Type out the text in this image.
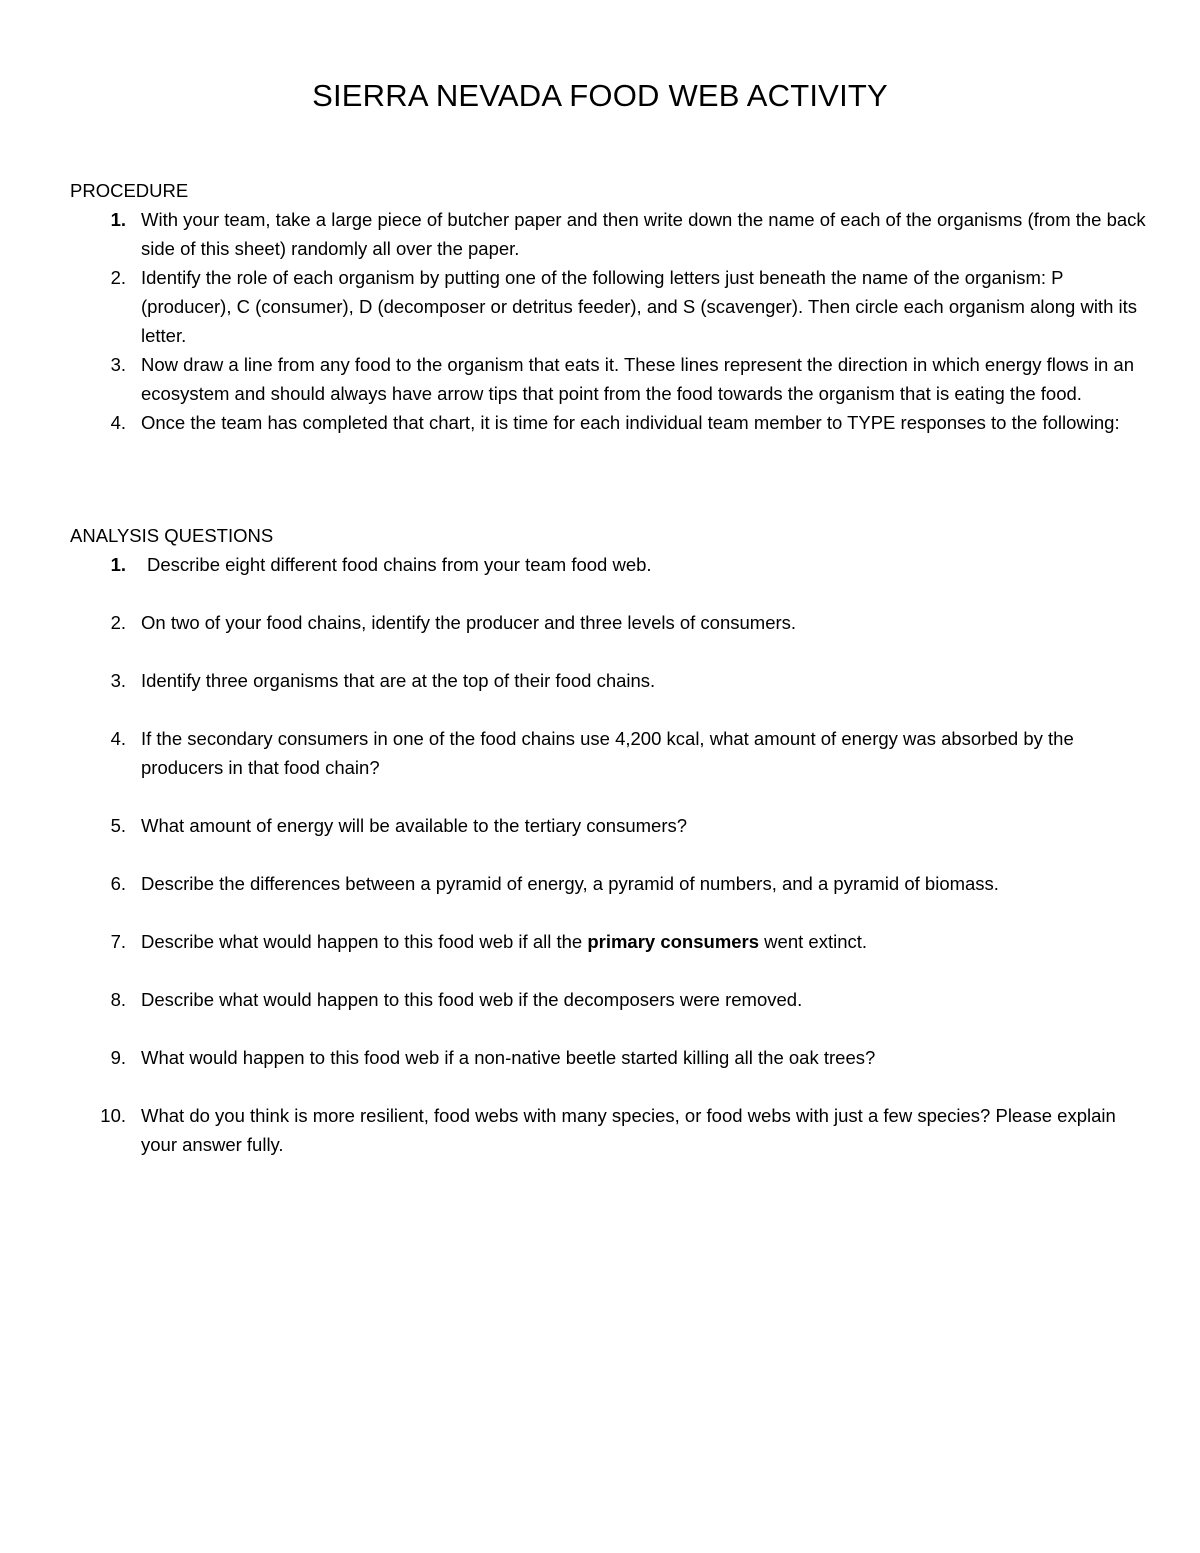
SIERRA NEVADA FOOD WEB ACTIVITY
PROCEDURE
1. With your team, take a large piece of butcher paper and then write down the name of each of the organisms (from the back side of this sheet) randomly all over the paper.
2. Identify the role of each organism by putting one of the following letters just beneath the name of the organism: P (producer), C (consumer), D (decomposer or detritus feeder), and S (scavenger). Then circle each organism along with its letter.
3. Now draw a line from any food to the organism that eats it. These lines represent the direction in which energy flows in an ecosystem and should always have arrow tips that point from the food towards the organism that is eating the food.
4. Once the team has completed that chart, it is time for each individual team member to TYPE responses to the following:
ANALYSIS QUESTIONS
1. Describe eight different food chains from your team food web.
2. On two of your food chains, identify the producer and three levels of consumers.
3. Identify three organisms that are at the top of their food chains.
4. If the secondary consumers in one of the food chains use 4,200 kcal, what amount of energy was absorbed by the producers in that food chain?
5. What amount of energy will be available to the tertiary consumers?
6. Describe the differences between a pyramid of energy, a pyramid of numbers, and a pyramid of biomass.
7. Describe what would happen to this food web if all the primary consumers went extinct.
8. Describe what would happen to this food web if the decomposers were removed.
9. What would happen to this food web if a non-native beetle started killing all the oak trees?
10. What do you think is more resilient, food webs with many species, or food webs with just a few species? Please explain your answer fully.
